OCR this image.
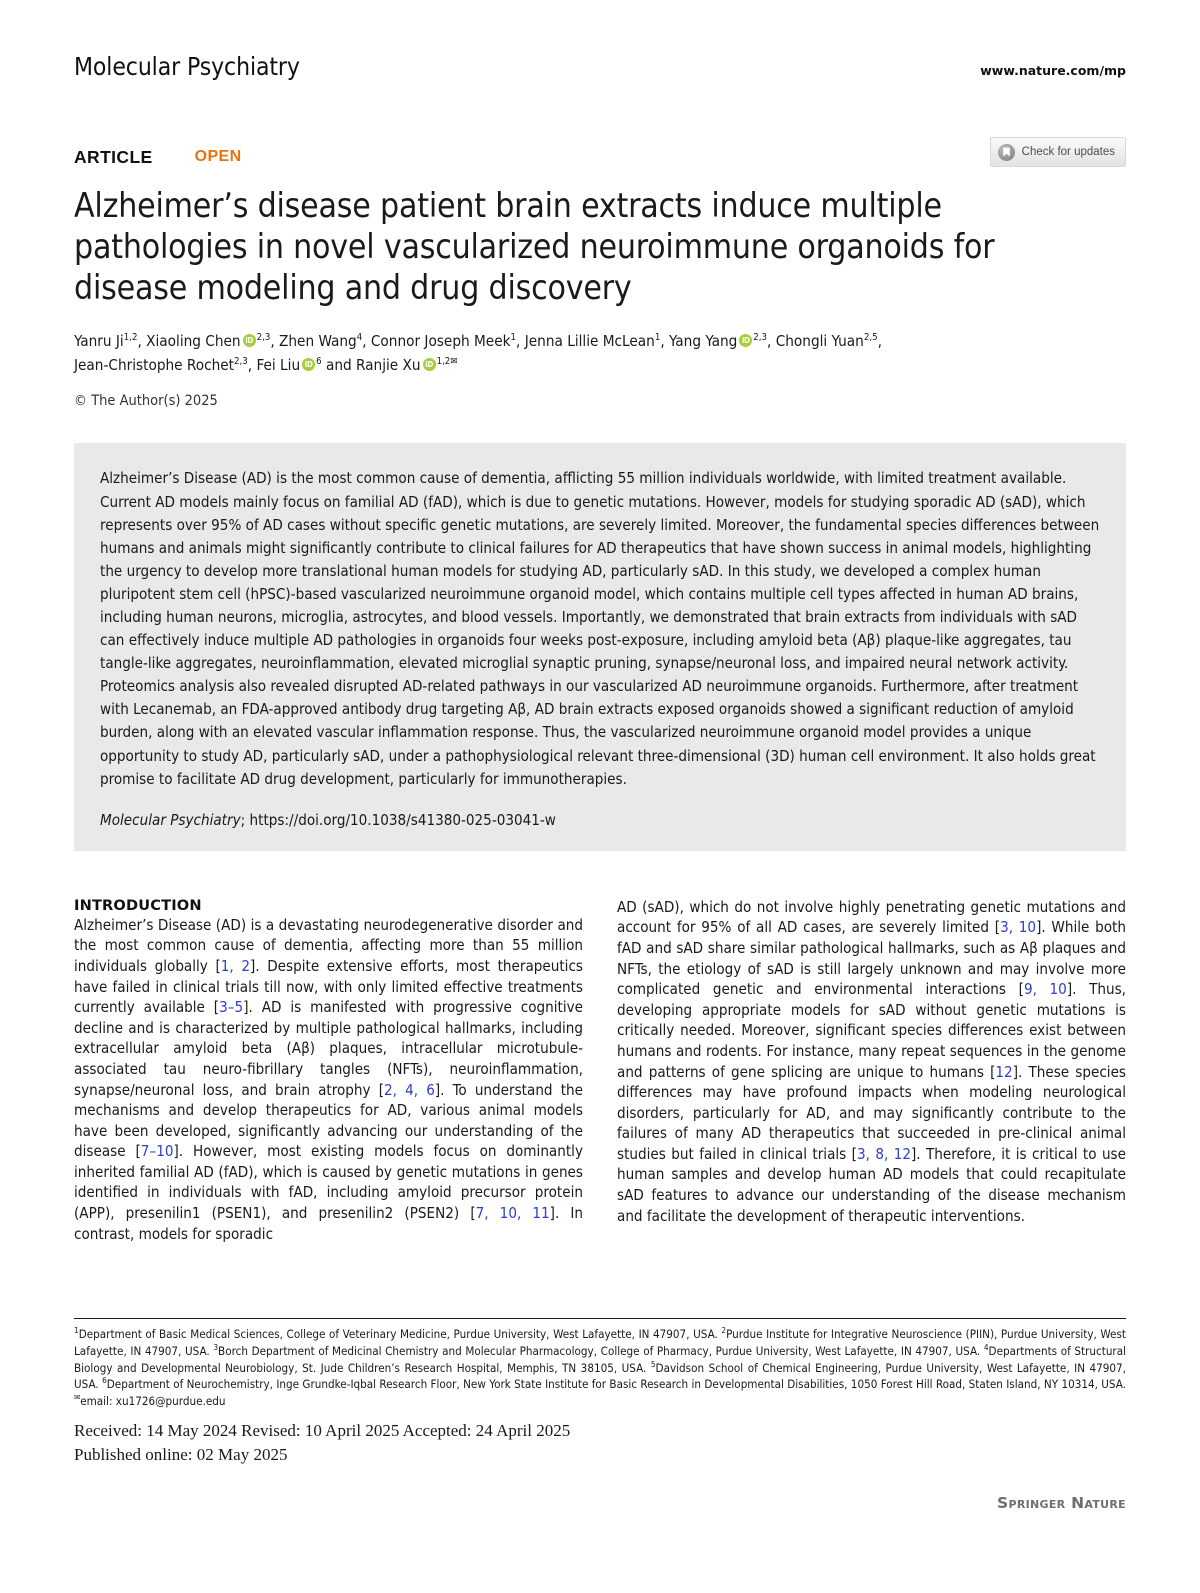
Molecular Psychiatry	www.nature.com/mp
ARTICLE	OPEN	Check for updates
Alzheimer’s disease patient brain extracts induce multiple pathologies in novel vascularized neuroimmune organoids for disease modeling and drug discovery
Yanru Ji$^{1,2}$, Xiaoling Chen iD $^{2,3}$, Zhen Wang$^4$, Connor Joseph Meek$^1$, Jenna Lillie McLean$^1$, Yang Yang iD $^{2,3}$, Chongli Yuan$^{2,5}$,
Jean-Christophe Rochet$^{2,3}$, Fei Liu iD $^6$ and Ranjie Xu iD $^{1,2✉}$
© The Author(s) 2025

Alzheimer’s Disease (AD) is the most common cause of dementia, afflicting 55 million individuals worldwide, with limited treatment available. Current AD models mainly focus on familial AD (fAD), which is due to genetic mutations. However, models for studying sporadic AD (sAD), which represents over 95% of AD cases without specific genetic mutations, are severely limited. Moreover, the fundamental species differences between humans and animals might significantly contribute to clinical failures for AD therapeutics that have shown success in animal models, highlighting the urgency to develop more translational human models for studying AD, particularly sAD. In this study, we developed a complex human pluripotent stem cell (hPSC)-based vascularized neuroimmune organoid model, which contains multiple cell types affected in human AD brains, including human neurons, microglia, astrocytes, and blood vessels. Importantly, we demonstrated that brain extracts from individuals with sAD can effectively induce multiple AD pathologies in organoids four weeks post-exposure, including amyloid beta (Aβ) plaque-like aggregates, tau tangle-like aggregates, neuroinflammation, elevated microglial synaptic pruning, synapse/neuronal loss, and impaired neural network activity. Proteomics analysis also revealed disrupted AD-related pathways in our vascularized AD neuroimmune organoids. Furthermore, after treatment with Lecanemab, an FDA-approved antibody drug targeting Aβ, AD brain extracts exposed organoids showed a significant reduction of amyloid burden, along with an elevated vascular inflammation response. Thus, the vascularized neuroimmune organoid model provides a unique opportunity to study AD, particularly sAD, under a pathophysiological relevant three-dimensional (3D) human cell environment. It also holds great promise to facilitate AD drug development, particularly for immunotherapies.

Molecular Psychiatry; https://doi.org/10.1038/s41380-025-03041-w
INTRODUCTION

Alzheimer’s Disease (AD) is a devastating neurodegenerative disorder and the most common cause of dementia, affecting more than 55 million individuals globally [1, 2]. Despite extensive efforts, most therapeutics have failed in clinical trials till now, with only limited effective treatments currently available [3–5]. AD is manifested with progressive cognitive decline and is characterized by multiple pathological hallmarks, including extracellular amyloid beta (Aβ) plaques, intracellular microtubule-associated tau neuro-fibrillary tangles (NFTs), neuroinflammation, synapse/neuronal loss, and brain atrophy [2, 4, 6]. To understand the mechanisms and develop therapeutics for AD, various animal models have been developed, significantly advancing our understanding of the disease [7–10]. However, most existing models focus on dominantly inherited familial AD (fAD), which is caused by genetic mutations in genes identified in individuals with fAD, including amyloid precursor protein (APP), presenilin1 (PSEN1), and presenilin2 (PSEN2) [7, 10, 11]. In contrast, models for sporadic

AD (sAD), which do not involve highly penetrating genetic mutations and account for 95% of all AD cases, are severely limited [3, 10]. While both fAD and sAD share similar pathological hallmarks, such as Aβ plaques and NFTs, the etiology of sAD is still largely unknown and may involve more complicated genetic and environmental interactions [9, 10]. Thus, developing appropriate models for sAD without genetic mutations is critically needed. Moreover, significant species differences exist between humans and rodents. For instance, many repeat sequences in the genome and patterns of gene splicing are unique to humans [12]. These species differences may have profound impacts when modeling neurological disorders, particularly for AD, and may significantly contribute to the failures of many AD therapeutics that succeeded in pre-clinical animal studies but failed in clinical trials [3, 8, 12]. Therefore, it is critical to use human samples and develop human AD models that could recapitulate sAD features to advance our understanding of the disease mechanism and facilitate the development of therapeutic interventions.

$^1$Department of Basic Medical Sciences, College of Veterinary Medicine, Purdue University, West Lafayette, IN 47907, USA. $^2$Purdue Institute for Integrative Neuroscience (PIIN), Purdue University, West Lafayette, IN 47907, USA. $^3$Borch Department of Medicinal Chemistry and Molecular Pharmacology, College of Pharmacy, Purdue University, West Lafayette, IN 47907, USA. $^4$Departments of Structural Biology and Developmental Neurobiology, St. Jude Children’s Research Hospital, Memphis, TN 38105, USA. $^5$Davidson School of Chemical Engineering, Purdue University, West Lafayette, IN 47907, USA. $^6$Department of Neurochemistry, Inge Grundke-Iqbal Research Floor, New York State Institute for Basic Research in Developmental Disabilities, 1050 Forest Hill Road, Staten Island, NY 10314, USA. ✉email: xu1726@purdue.edu
Received: 14 May 2024 Revised: 10 April 2025 Accepted: 24 April 2025
Published online: 02 May 2025
Springer Nature
